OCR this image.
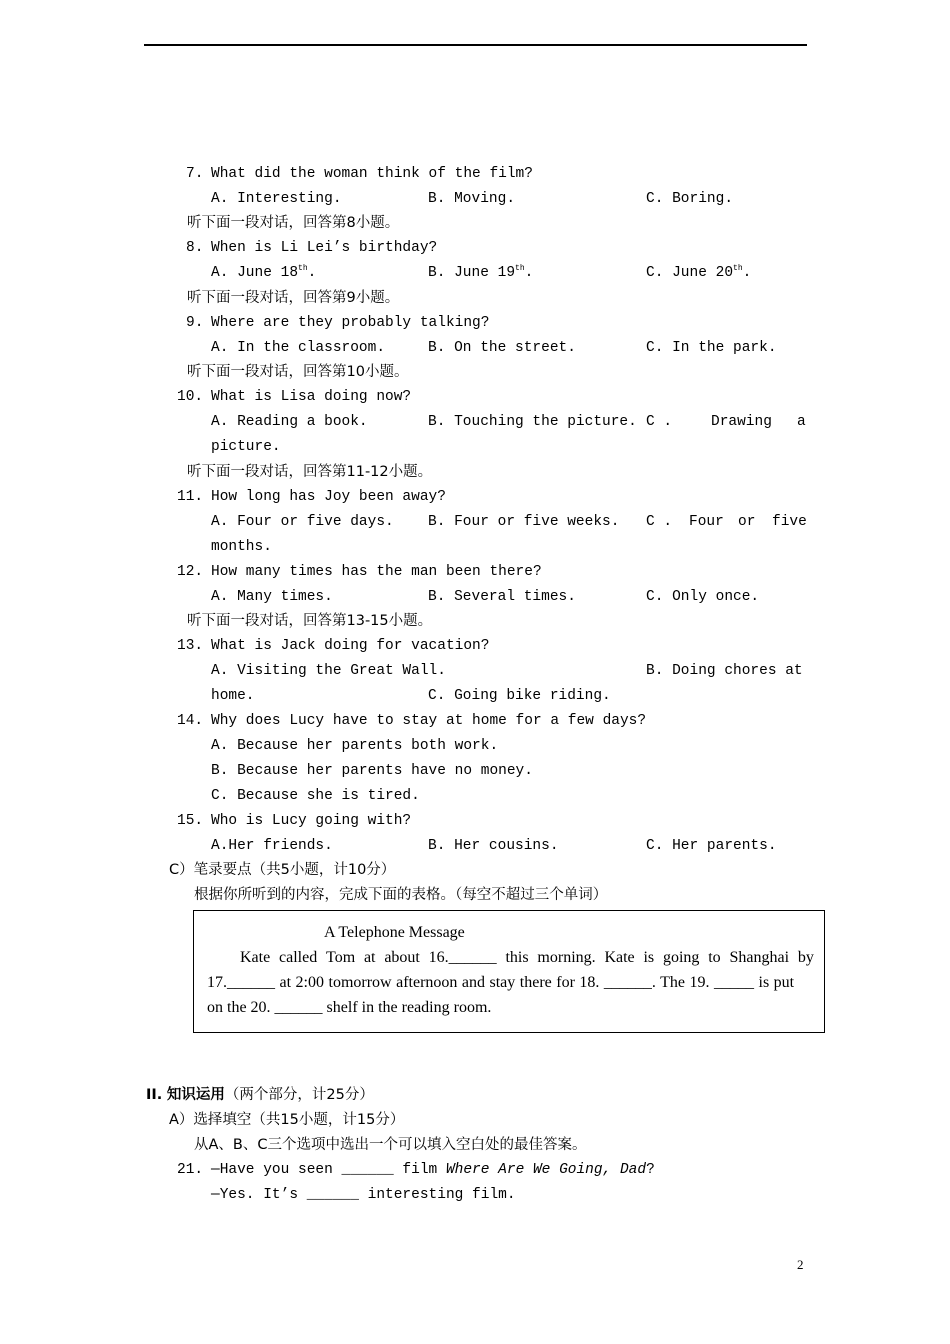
7. What did the woman think of the film?
A. Interesting.	B. Moving.	C. Boring.
听下面一段对话，回答第8小题。
8. When is Li Lei’s birthday?
A. June 18th.	B. June 19th.	C. June 20th.
听下面一段对话，回答第9小题。
9. Where are they probably talking?
A. In the classroom.	B. On the street.	C. In the park.
听下面一段对话，回答第10小题。
10. What is Lisa doing now?
A. Reading a book.	B. Touching the picture. C .	Drawing a
picture.
听下面一段对话，回答第11-12小题。
11. How long has Joy been away?
A. Four or five days. B. Four or five weeks. C . Four or five
months.
12. How many times has the man been there?
A. Many times.	B. Several times.	C. Only once.
听下面一段对话，回答第13-15小题。
13. What is Jack doing for vacation?
A. Visiting the Great Wall.	B. Doing chores at
home.	C. Going bike riding.
14. Why does Lucy have to stay at home for a few days?
A. Because her parents both work.
B. Because her parents have no money.
C. Because she is tired.
15. Who is Lucy going with?
A.Her friends.	B. Her cousins.	C. Her parents.
C）笔录要点（共5小题，计10分）
根据你所听到的内容，完成下面的表格。（每空不超过三个单词）
A Telephone Message
Kate called Tom at about 16.______ this morning. Kate is going to Shanghai by
17.______ at 2:00 tomorrow afternoon and stay there for 18. ______. The 19. _____ is put
on the 20. ______ shelf in the reading room.
II. 知识运用（两个部分，计25分）
A）选择填空（共15小题，计15分）
从A、B、C三个选项中选出一个可以填入空白处的最佳答案。
21. —Have you seen ______ film Where Are We Going, Dad?
—Yes. It’s ______ interesting film.
2
